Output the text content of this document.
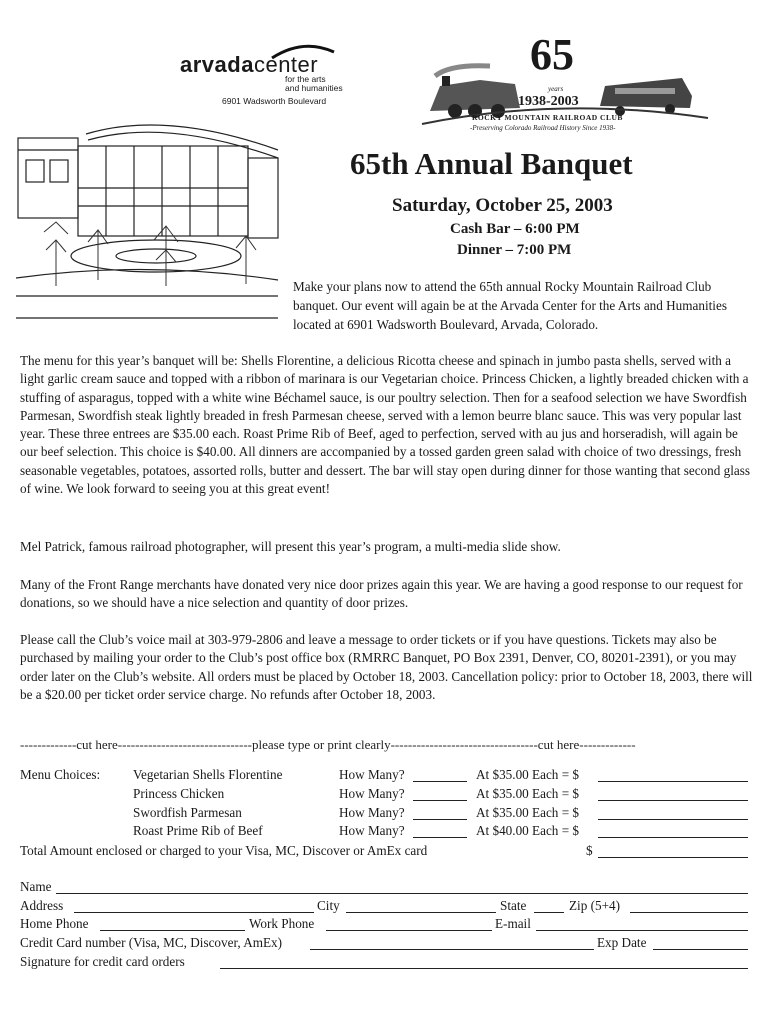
arvadacenter
for the arts
and humanities
6901 Wadsworth Boulevard
65
years
1938-2003
ROCKY MOUNTAIN RAILROAD CLUB
-Preserving Colorado Railroad History Since 1938-
65th Annual Banquet
Saturday, October 25, 2003
Cash Bar – 6:00 PM
Dinner – 7:00 PM
Make your plans now to attend the 65th annual Rocky Mountain Railroad Club banquet. Our event will again be at the Arvada Center for the Arts and Humanities located at 6901 Wadsworth Boulevard, Arvada, Colorado.
The menu for this year’s banquet will be: Shells Florentine, a delicious Ricotta cheese and spinach in jumbo pasta shells, served with a light garlic cream sauce and topped with a ribbon of marinara is our Vegetarian choice. Princess Chicken, a lightly breaded chicken with a stuffing of asparagus, topped with a white wine Béchamel sauce, is our poultry selection. Then for a seafood selection we have Swordfish Parmesan, Swordfish steak lightly breaded in fresh Parmesan cheese, served with a lemon beurre blanc sauce. This was very popular last year. These three entrees are $35.00 each. Roast Prime Rib of Beef, aged to perfection, served with au jus and horseradish, will again be our beef selection. This choice is $40.00. All dinners are accompanied by a tossed garden green salad with choice of two dressings, fresh seasonable vegetables, potatoes, assorted rolls, butter and dessert. The bar will stay open during dinner for those wanting that second glass of wine. We look forward to seeing you at this great event!
Mel Patrick, famous railroad photographer, will present this year’s program, a multi-media slide show.
Many of the Front Range merchants have donated very nice door prizes again this year. We are having a good response to our request for donations, so we should have a nice selection and quantity of door prizes.
Please call the Club’s voice mail at 303-979-2806 and leave a message to order tickets or if you have questions. Tickets may also be purchased by mailing your order to the Club’s post office box (RMRRC Banquet, PO Box 2391, Denver, CO, 80201-2391), or you may order later on the Club’s website. All orders must be placed by October 18, 2003. Cancellation policy: prior to October 18, 2003, there will be a $20.00 per ticket order service charge. No refunds after October 18, 2003.
-------------cut here-------------------------------please type or print clearly----------------------------------cut here-------------
Menu Choices: Vegetarian Shells Florentine	How Many?	At $35.00 Each = $
Princess Chicken	How Many?	At $35.00 Each = $
Swordfish Parmesan	How Many?	At $35.00 Each = $
Roast Prime Rib of Beef	How Many?	At $40.00 Each = $
Total Amount enclosed or charged to your Visa, MC, Discover or AmEx card	$
Name
Address	City	State	Zip (5+4)
Home Phone	Work Phone	E-mail
Credit Card number (Visa, MC, Discover, AmEx)	Exp Date
Signature for credit card orders
